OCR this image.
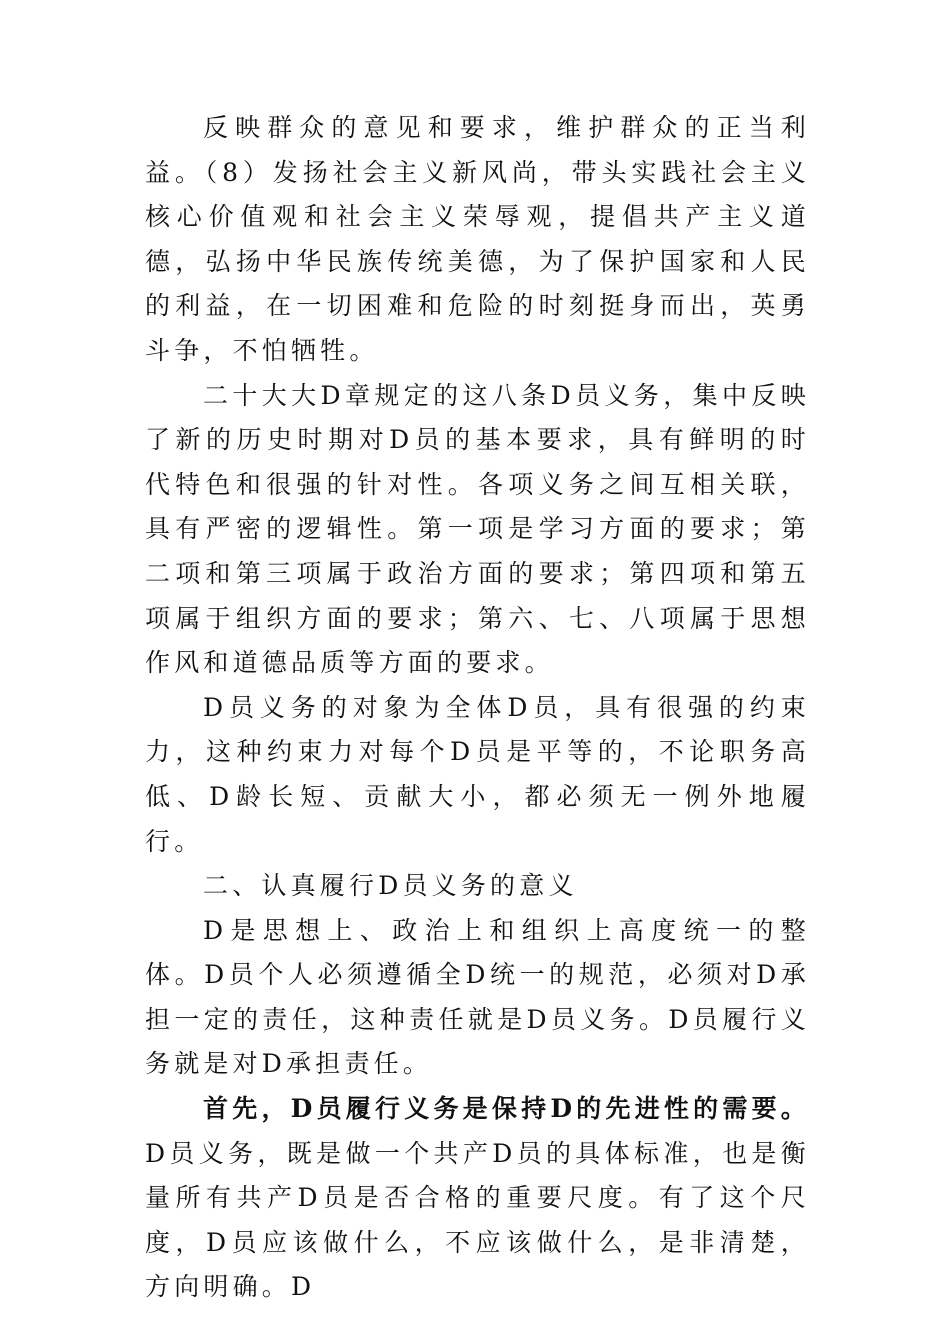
反映群众的意见和要求，维护群众的正当利益。（8）发扬社会主义新风尚，带头实践社会主义核心价值观和社会主义荣辱观，提倡共产主义道德，弘扬中华民族传统美德，为了保护国家和人民的利益，在一切困难和危险的时刻挺身而出，英勇斗争，不怕牺牲。

二十大大D章规定的这八条D员义务，集中反映了新的历史时期对D员的基本要求，具有鲜明的时代特色和很强的针对性。各项义务之间互相关联，具有严密的逻辑性。第一项是学习方面的要求；第二项和第三项属于政治方面的要求；第四项和第五项属于组织方面的要求；第六、七、八项属于思想作风和道德品质等方面的要求。

D员义务的对象为全体D员，具有很强的约束力，这种约束力对每个D员是平等的，不论职务高低、D龄长短、贡献大小，都必须无一例外地履行。

二、认真履行D员义务的意义

D是思想上、政治上和组织上高度统一的整体。D员个人必须遵循全D统一的规范，必须对D承担一定的责任，这种责任就是D员义务。D员履行义务就是对D承担责任。

首先，D员履行义务是保持D的先进性的需要。D员义务，既是做一个共产D员的具体标准，也是衡量所有共产D员是否合格的重要尺度。有了这个尺度，D员应该做什么，不应该做什么，是非清楚，方向明确。D
